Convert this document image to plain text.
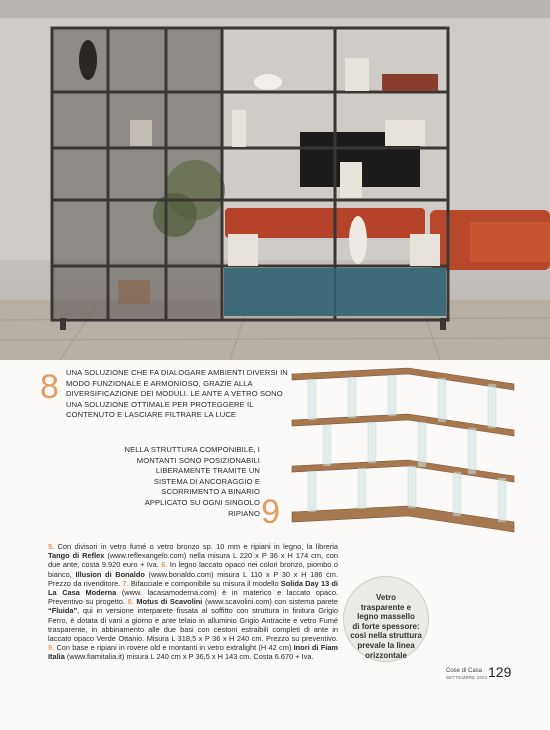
8 UNA SOLUZIONE CHE FA DIALOGARE AMBIENTI DIVERSI IN MODO FUNZIONALE E ARMONIOSO, GRAZIE ALLA DIVERSIFICAZIONE DEI MODULI. LE ANTE A VETRO SONO UNA SOLUZIONE OTTIMALE PER PROTEGGERE IL CONTENUTO E LASCIARE FILTRARE LA LUCE
NELLA STRUTTURA COMPONIBILE, I MONTANTI SONO POSIZIONABILI LIBERAMENTE TRAMITE UN SISTEMA DI ANCORAGGIO E SCORRIMENTO A BINARIO APPLICATO SU OGNI SINGOLO RIPIANO 9
5. Con divisori in vetro fumé o vetro bronzo sp. 10 mm e ripiani in legno, la libreria Tango di Reflex (www.reflexangelo.com) nella misura L 220 x P 36 x H 174 cm, con due ante, costa 9.920 euro + Iva. 6. In legno laccato opaco nei colori bronzo, piombo o bianco, Illusion di Bonaldo (www.bonaldo.com) misura L 110 x P 30 x H 186 cm. Prezzo da rivenditore. 7. Bifacciale e componibile su misura il modello Solida Day 13 di La Casa Moderna (www. lacasamoderna.com) è in materico e laccato opaco. Preventivo su progetto. 8. Motus di Scavolini (www.scavolini.com) con sistema parete “Fluida”, qui in versione interparete fissata al soffitto con struttura in finitura Grigio Ferro, è dotata di vani a giorno e ante telaio in alluminio Grigio Antracite e vetro Fumé trasparente, in abbinamento alle due basi con cestoni estraibili completi di ante in laccato opaco Verde Ottanio. Misura L 318,5 x P 36 x H 240 cm. Prezzo su preventivo. 9. Con base e ripiani in rovere old e montanti in vetro extralight (H 42 cm) Inori di Fiam Italia (www.fiamitalia.it) misura L 240 cm x P 36,5 x H 143 cm. Costa 6.670 + Iva.
Vetro
trasparente e
legno massello
di forte spessore:
così nella struttura
prevale la linea
orizzontale
Cose di Casa
SETTEMBRE 2022 129
